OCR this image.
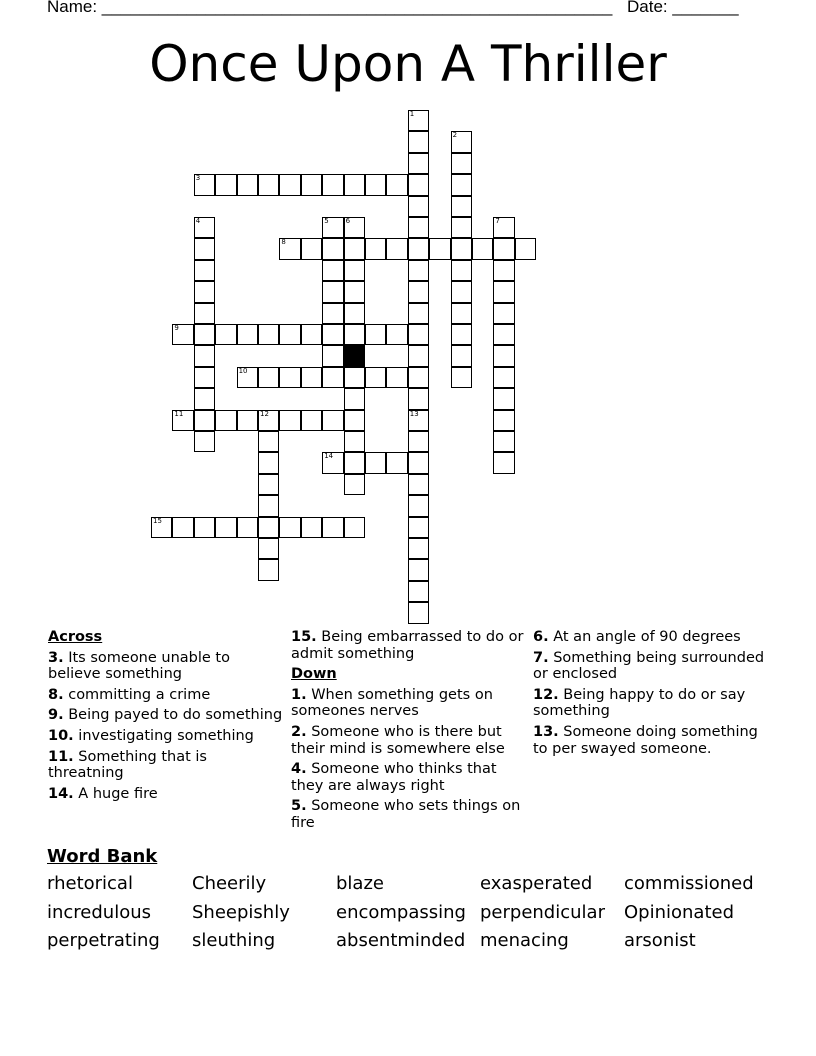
Name: ______________________________________________________ Date: _______
Once Upon A Thriller
1
13
2
3
4	5 6	7
8
9
10
11	12
14
15
Across
3. Its someone unable to believe something
8. committing a crime
9. Being payed to do something
10. investigating something
11. Something that is threatning
14. A huge fire
15. Being embarrassed to do or admit something
Down
1. When something gets on someones nerves
2. Someone who is there but their mind is somewhere else
4. Someone who thinks that they are always right
5. Someone who sets things on fire
6. At an angle of 90 degrees
7. Something being surrounded or enclosed
12. Being happy to do or say something
13. Someone doing something to per swayed someone.
Word Bank
rhetorical	Cheerily	blaze	exasperated commissioned
incredulous Sheepishly	encompassing perpendicular Opinionated
perpetrating sleuthing	absentminded menacing	arsonist
